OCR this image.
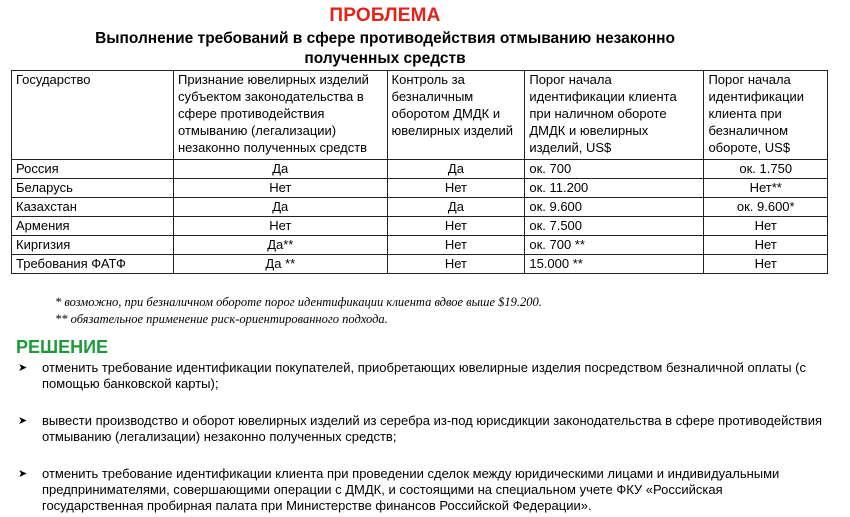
ПРОБЛЕМА
Выполнение требований в сфере противодействия отмыванию незаконно полученных средств
Государство	Признание ювелирных изделий субъектом законодательства в сфере противодействия отмыванию (легализации) незаконно полученных средств	Контроль за безналичным оборотом ДМДК и ювелирных изделий	Порог начала идентификации клиента при наличном обороте ДМДК и ювелирных изделий, US$	Порог начала идентификации клиента при безналичном обороте, US$
Россия	Да	Да	ок. 700	ок. 1.750
Беларусь	Нет	Нет	ок. 11.200	Нет**
Казахстан	Да	Да	ок. 9.600	ок. 9.600*
Армения	Нет	Нет	ок. 7.500	Нет
Киргизия	Да**	Нет	ок. 700 **	Нет
Требования ФАТФ	Да **	Нет	15.000 **	Нет
* возможно, при безналичном обороте порог идентификации клиента вдвое выше $19.200.
** обязательное применение риск-ориентированного подхода.
РЕШЕНИЕ
➤ отменить требование идентификации покупателей, приобретающих ювелирные изделия посредством безналичной оплаты (с помощью банковской карты);
➤ вывести производство и оборот ювелирных изделий из серебра из-под юрисдикции законодательства в сфере противодействия отмыванию (легализации) незаконно полученных средств;
➤ отменить требование идентификации клиента при проведении сделок между юридическими лицами и индивидуальными предпринимателями, совершающими операции с ДМДК, и состоящими на специальном учете ФКУ «Российская государственная пробирная палата при Министерстве финансов Российской Федерации».
